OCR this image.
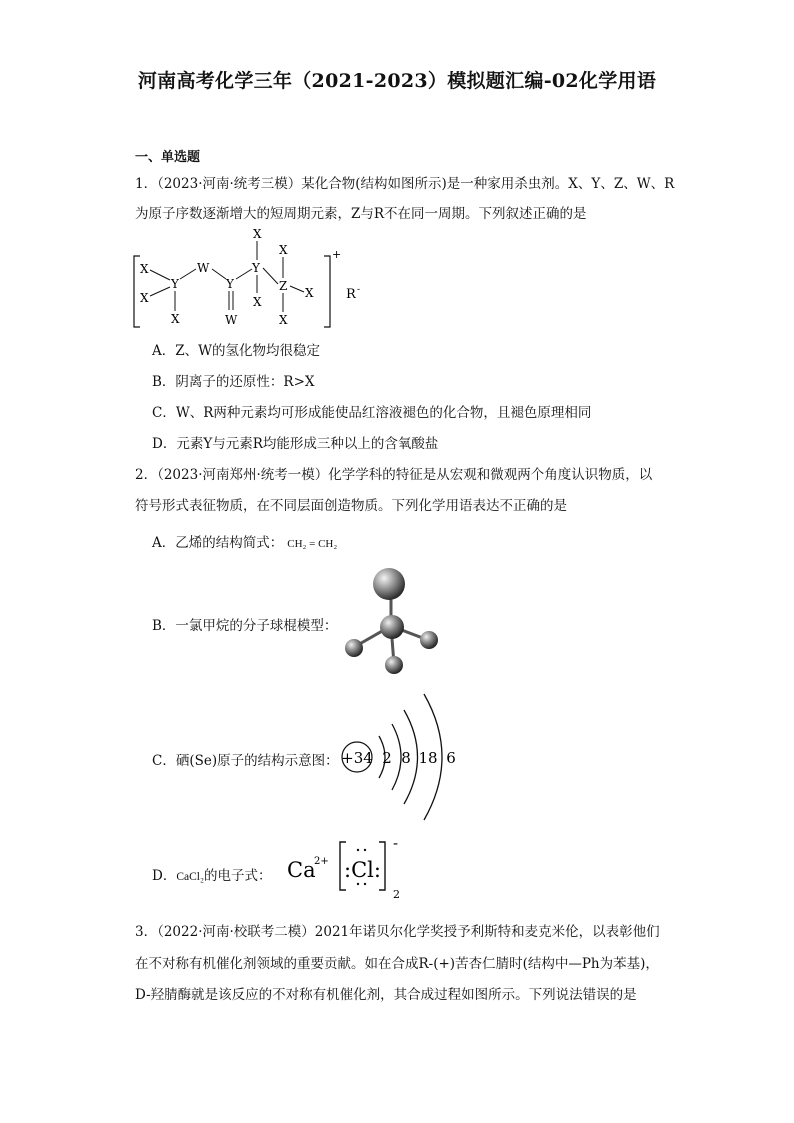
河南高考化学三年（2021-2023）模拟题汇编-02化学用语
一、单选题
1．（2023·河南·统考三模）某化合物(结构如图所示)是一种家用杀虫剂。X、Y、Z、W、R
为原子序数逐渐增大的短周期元素，Z与R不在同一周期。下列叙述正确的是
+
R -
X
X
Y
X
W
Y
W
X
Y
X
X
Z X
X
A．Z、W的氢化物均很稳定
B．阴离子的还原性：R>X
C．W、R两种元素均可形成能使品红溶液褪色的化合物，且褪色原理相同
D．元素Y与元素R均能形成三种以上的含氧酸盐
2．（2023·河南郑州·统考一模）化学学科的特征是从宏观和微观两个角度认识物质，以
符号形式表征物质，在不同层面创造物质。下列化学用语表达不正确的是
A．乙烯的结构简式： CH₂ = CH₂
B．一氯甲烷的分子球棍模型：
C．硒(Se)原子的结构示意图： +34 2 8 18 6
D．CaCl₂的电子式： Ca
2+ :Cl:
-
2
3．（2022·河南·校联考二模）2021年诺贝尔化学奖授予利斯特和麦克米伦，以表彰他们
在不对称有机催化剂领域的重要贡献。如在合成R-(+)苦杏仁腈时(结构中—Ph为苯基)，
D-羟腈酶就是该反应的不对称有机催化剂，其合成过程如图所示。下列说法错误的是
